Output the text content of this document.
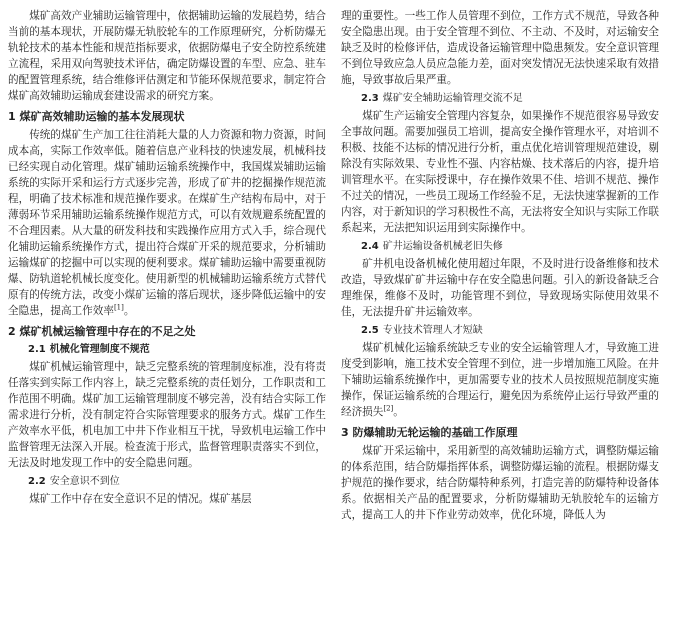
煤矿高效产业辅助运输管理中，依据辅助运输的发展趋势，结合当前的基本现状，开展防爆无轨胶轮车的工作原理研究，分析防爆无轨轮技术的基本性能和规范指标要求，依据防爆电子安全防控系统建立流程，采用双向驾驶技术评估，确定防爆设置的车型、应急、驻车的配置管理系统，结合维修评估测定和节能环保规范要求，制定符合煤矿高效辅助运输成套建设需求的研究方案。

1 煤矿高效辅助运输的基本发展现状

传统的煤矿生产加工往往消耗大量的人力资源和物力资源，时间成本高，实际工作效率低。随着信息产业科技的快速发展，机械科技已经实现自动化管理。煤矿辅助运输系统操作中，我国煤炭辅助运输系统的实际开采和运行方式逐步完善，形成了矿井的挖掘操作规范流程，明确了技术标准和规范操作要求。在煤矿生产结构布局中，对于薄弱环节采用辅助运输系统操作规范方式，可以有效规避系统配置的不合理因素。从大量的研发科技和实践操作应用方式入手，综合现代化辅助运输系统操作方式，提出符合煤矿开采的规范要求，分析辅助运输煤矿的挖掘中可以实现的便利要求。煤矿辅助运输中需要重视防爆、防轨道轮机械长度变化。使用新型的机械辅助运输系统方式替代原有的传统方法，改变小煤矿运输的落后现状，逐步降低运输中的安全隐患，提高工作效率[1]。

2 煤矿机械运输管理中存在的不足之处
2.1 机械化管理制度不规范

煤矿机械运输管理中，缺乏完整系统的管理制度标准，没有将责任落实到实际工作内容上，缺乏完整系统的责任划分，工作职责和工作范围不明确。煤矿加工运输管理制度不够完善，没有结合实际工作需求进行分析，没有制定符合实际管理要求的服务方式。煤矿工作生产效率水平低，机电加工中井下作业相互干扰，导致机电运输工作中监督管理无法深入开展。检查流于形式，监督管理职责落实不到位，无法及时地发现工作中的安全隐患问题。

2.2 安全意识不到位

煤矿工作中存在安全意识不足的情况。煤矿基层

理的重要性。一些工作人员管理不到位，工作方式不规范，导致各种安全隐患出现。由于安全管理不到位、不主动、不及时，对运输安全缺乏及时的检修评估，造成设备运输管理中隐患频发。安全意识管理不到位导致应急人员应急能力差，面对突发情况无法快速采取有效措施，导致事故后果严重。

2.3 煤矿安全辅助运输管理交流不足

煤矿生产运输安全管理内容复杂，如果操作不规范很容易导致安全事故问题。需要加强员工培训，提高安全操作管理水平，对培训不积极、技能不达标的情况进行分析，重点优化培训管理规范建设，剔除没有实际效果、专业性不强、内容枯燥、技术落后的内容，提升培训管理水平。在实际授课中，存在操作效果不佳、培训不规范、操作不过关的情况，一些员工现场工作经验不足，无法快速掌握新的工作内容，对于新知识的学习积极性不高，无法将安全知识与实际工作联系起来，无法把知识运用到实际操作中。

2.4 矿井运输设备机械老旧失修

矿井机电设备机械化使用超过年限，不及时进行设备维修和技术改造，导致煤矿矿井运输中存在安全隐患问题。引入的新设备缺乏合理维保，维修不及时，功能管理不到位，导致现场实际使用效果不佳，无法提升矿井运输效率。

2.5 专业技术管理人才短缺

煤矿机械化运输系统缺乏专业的安全运输管理人才，导致施工进度受到影响，施工技术安全管理不到位，进一步增加施工风险。在井下辅助运输系统操作中，更加需要专业的技术人员按照规范制度实施操作，保证运输系统的合理运行，避免因为系统停止运行导致严重的经济损失[2]。

3 防爆辅助无轮运输的基础工作原理

煤矿开采运输中，采用新型的高效辅助运输方式，调整防爆运输的体系范围，结合防爆指挥体系，调整防爆运输的流程。根据防爆支护规范的操作要求，结合防爆特种系列，打造完善的防爆特种设备体系。依据相关产品的配置要求，分析防爆辅助无轨胶轮车的运输方式，提高工人的井下作业劳动效率，优化环境，降低人为
